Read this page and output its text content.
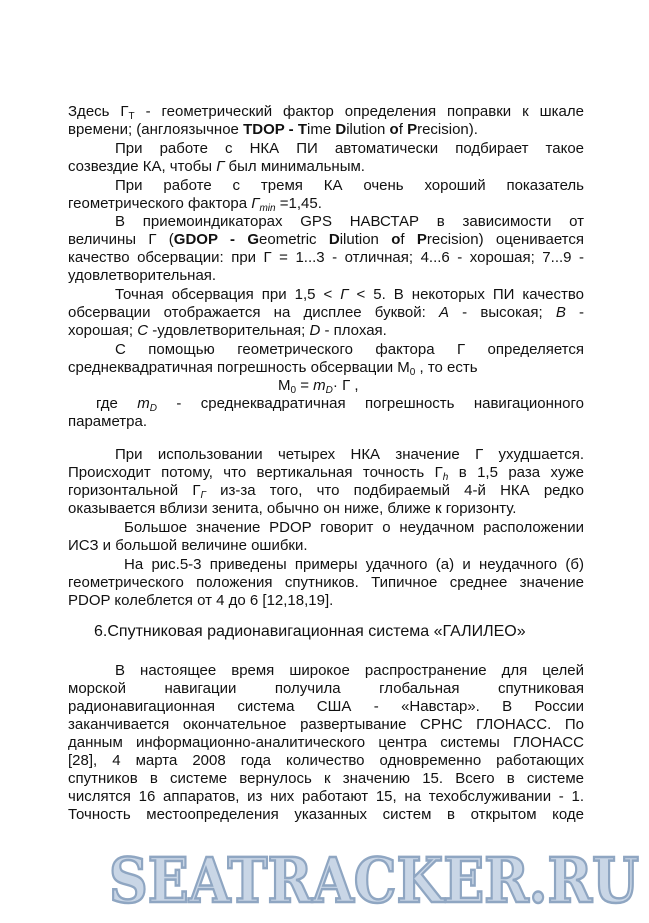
Здесь $Г_T$ - геометрический фактор определения поправки к шкале
времени; (англоязычное TDOP - Time Dilution of Precision).
При работе с НКА ПИ автоматически подбирает такое
созвездие КА, чтобы Г был минимальным.
При работе с тремя КА очень хороший показатель
геометрического фактора $Г_{min} =1,45$.
В приемоиндикаторах GPS НАВСТАР в зависимости от
величины Г (GDOP - Geometric Dilution of Precision) оценивается
качество обсервации: при Г = 1...3 - отличная; 4...6 - хорошая; 7...9 -
удовлетворительная.
Точная обсервация при 1,5 < Г < 5. В некоторых ПИ качество
обсервации отображается на дисплее буквой: А - высокая; В -
хорошая; С -удовлетворительная; D - плохая.
С помощью геометрического фактора Г определяется
среднеквадратичная погрешность обсервации $М_0$ , то есть
$М_0 = m_D\cdot Г$ ,
где $m_D$ - среднеквадратичная погрешность навигационного
параметра.
При использовании четырех НКА значение Г ухудшается.
Происходит потому, что вертикальная точность $Г_h$ в 1,5 раза хуже
горизонтальной $Г_Г$ из-за того, что подбираемый 4-й НКА редко
оказывается вблизи зенита, обычно он ниже, ближе к горизонту.
Большое значение PDOP говорит о неудачном расположении
ИСЗ и большой величине ошибки.
На рис.5-3 приведены примеры удачного (а) и неудачного (б)
геометрического положения спутников. Типичное среднее значение
PDOP колеблется от 4 до 6 [12,18,19].
6.Спутниковая радионавигационная система «ГАЛИЛЕО»
В настоящее время широкое распространение для целей
морской навигации получила глобальная спутниковая
радионавигационная система США - «Навстар». В России
заканчивается окончательное развертывание СРНС ГЛОНАСС. По
данным информационно-аналитического центра системы ГЛОНАСС
[28], 4 марта 2008 года количество одновременно работающих
спутников в системе вернулось к значению 15. Всего в системе
числятся 16 аппаратов, из них работают 15, на техобслуживании - 1.
Точность местоопределения указанных систем в открытом коде
SEATRACKER.RU
